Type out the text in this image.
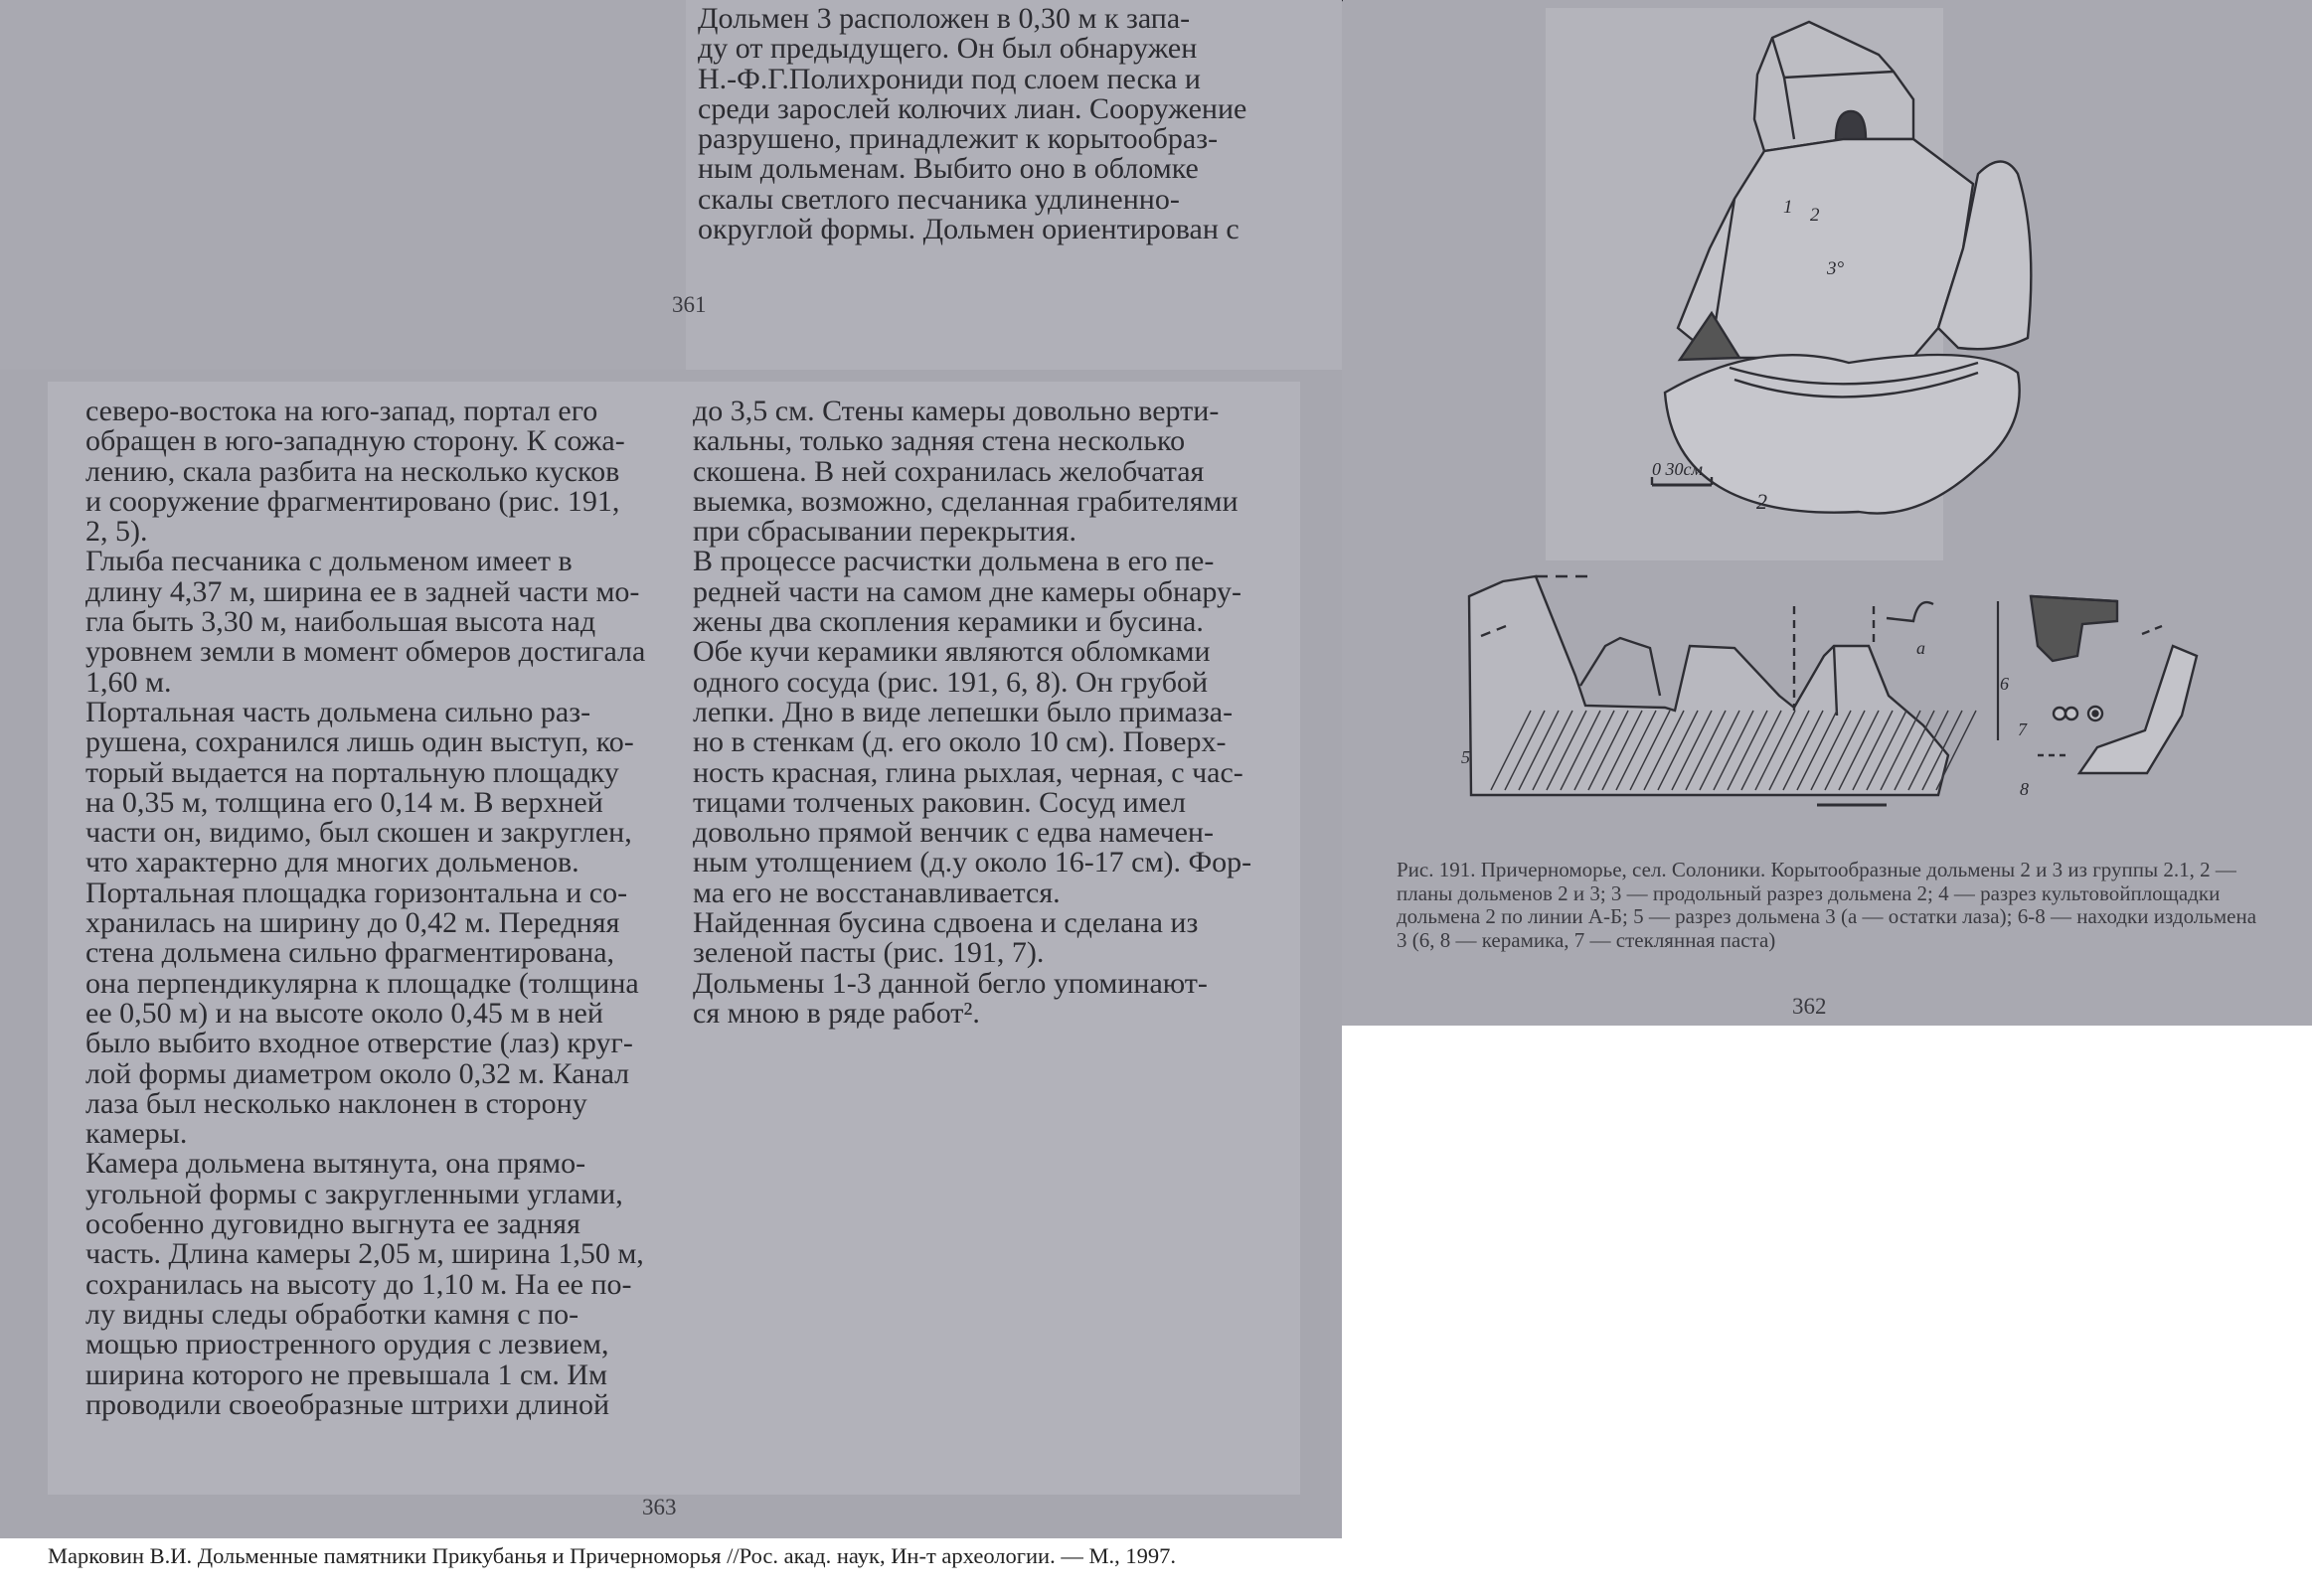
Дольмен 3 расположен в 0,30 м к запа-
ду от предыдущего. Он был обнаружен
Н.-Ф.Г.Полихрониди под слоем песка и
среди зарослей колючих лиан. Сооружение
разрушено, принадлежит к корытообраз-
ным дольменам. Выбито оно в обломке
скалы светлого песчаника удлиненно-
округлой формы. Дольмен ориентирован с

361

северо-востока на юго-запад, портал его
обращен в юго-западную сторону. К сожа-
лению, скала разбита на несколько кусков
и сооружение фрагментировано (рис. 191,
2, 5).
Глыба песчаника с дольменом имеет в
длину 4,37 м, ширина ее в задней части мо-
гла быть 3,30 м, наибольшая высота над
уровнем земли в момент обмеров достигала
1,60 м.
Портальная часть дольмена сильно раз-
рушена, сохранился лишь один выступ, ко-
торый выдается на портальную площадку
на 0,35 м, толщина его 0,14 м. В верхней
части он, видимо, был скошен и закруглен,
что характерно для многих дольменов.
Портальная площадка горизонтальна и со-
хранилась на ширину до 0,42 м. Передняя
стена дольмена сильно фрагментирована,
она перпендикулярна к площадке (толщина
ее 0,50 м) и на высоте около 0,45 м в ней
было выбито входное отверстие (лаз) круг-
лой формы диаметром около 0,32 м. Канал
лаза был несколько наклонен в сторону
камеры.
Камера дольмена вытянута, она прямо-
угольной формы с закругленными углами,
особенно дуговидно выгнута ее задняя
часть. Длина камеры 2,05 м, ширина 1,50 м,
сохранилась на высоту до 1,10 м. На ее по-
лу видны следы обработки камня с по-
мощью приостренного орудия с лезвием,
ширина которого не превышала 1 см. Им
проводили своеобразные штрихи длиной
до 3,5 см. Стены камеры довольно верти-
кальны, только задняя стена несколько
скошена. В ней сохранилась желобчатая
выемка, возможно, сделанная грабителями
при сбрасывании перекрытия.
В процессе расчистки дольмена в его пе-
редней части на самом дне камеры обнару-
жены два скопления керамики и бусина.
Обе кучи керамики являются обломками
одного сосуда (рис. 191, 6, 8). Он грубой
лепки. Дно в виде лепешки было примаза-
но в стенкам (д. его около 10 см). Поверх-
ность красная, глина рыхлая, черная, с час-
тицами толченых раковин. Сосуд имел
довольно прямой венчик с едва намечен-
ным утолщением (д.у около 16-17 см). Фор-
ма его не восстанавливается.
Найденная бусина сдвоена и сделана из
зеленой пасты (рис. 191, 7).
Дольмены 1-3 данной бегло упоминают-
ся мною в ряде работ².

363

2
0 30см
1 2
3°
5
a
6
7
8
Рис. 191. Причерноморье, сел. Солоники. Корытообразные дольмены 2 и 3 из группы 2.1, 2 — планы дольменов 2 и 3; 3 — продольный разрез дольмена 2; 4 — разрез культовойплощадки дольмена 2 по линии А-Б; 5 — разрез дольмена 3 (a — остатки лаза); 6-8 — находки издольмена 3 (6, 8 — керамика, 7 — стеклянная паста)

362

Марковин В.И. Дольменные памятники Прикубанья и Причерноморья //Рос. акад. наук, Ин-т археологии. — М., 1997.
